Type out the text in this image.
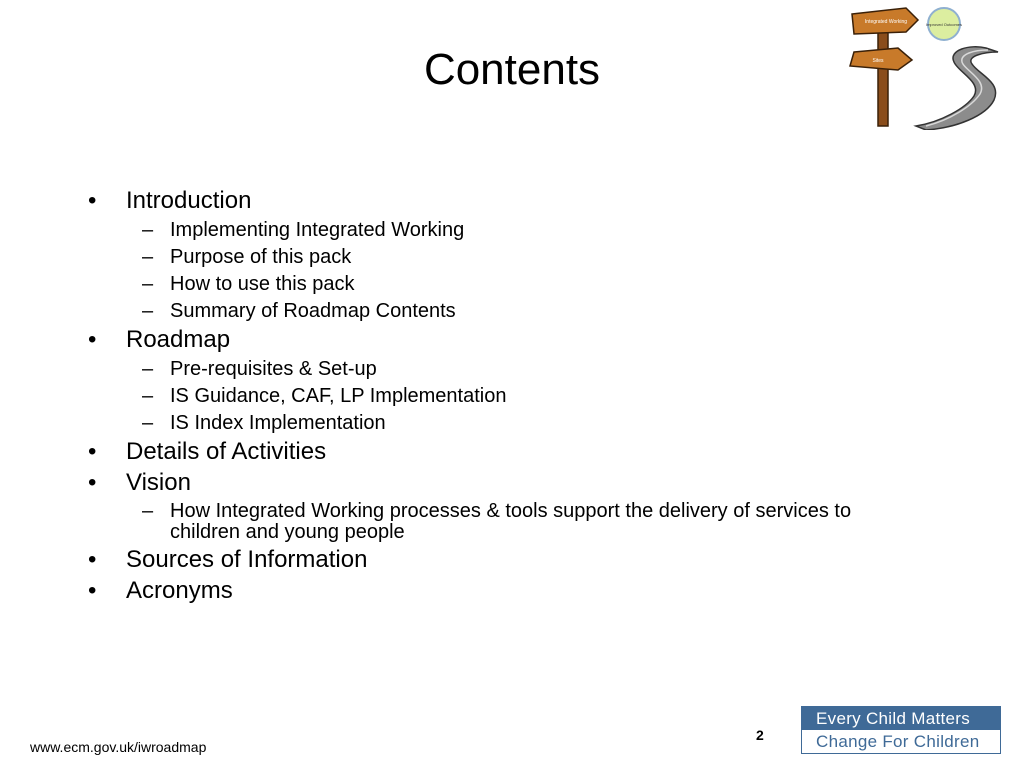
Contents
Integrated Working
Sites
Improved Outcomes
• Introduction
– Implementing Integrated Working
– Purpose of this pack
– How to use this pack
– Summary of Roadmap Contents
• Roadmap
– Pre-requisites & Set-up
– IS Guidance, CAF, LP Implementation
– IS Index Implementation
• Details of Activities
• Vision
– How Integrated Working processes & tools support the delivery of services to children and young people
• Sources of Information
• Acronyms
www.ecm.gov.uk/iwroadmap
2
Every Child Matters
Change For Children
